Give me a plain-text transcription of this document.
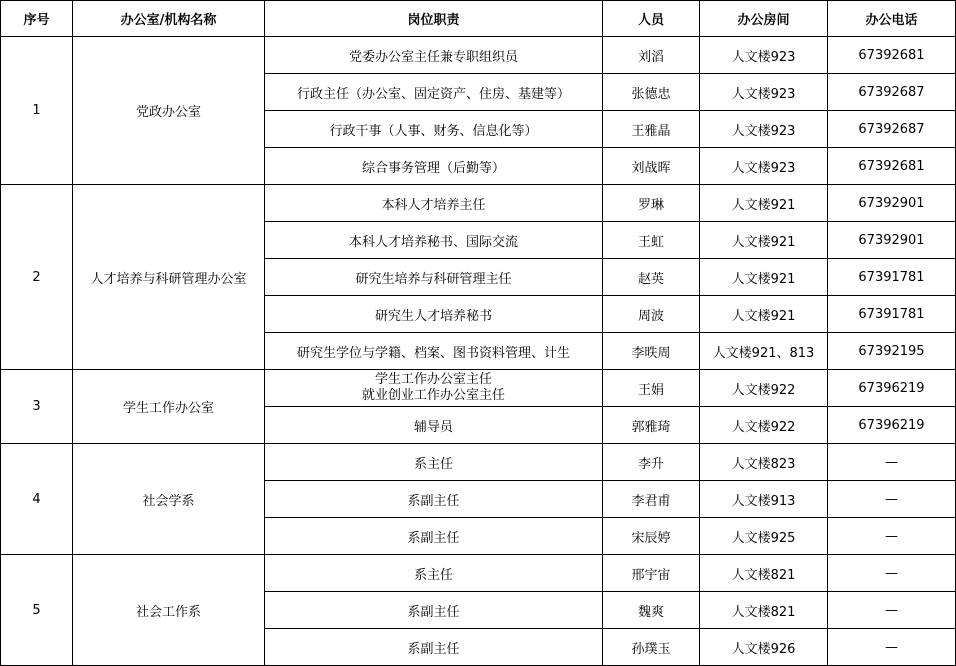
序号	办公室/机构名称	岗位职责	人员	办公房间	办公电话
1	党政办公室	党委办公室主任兼专职组织员	刘滔	人文楼923	67392681
		行政主任（办公室、固定资产、住房、基建等）	张德忠	人文楼923	67392687
		行政干事（人事、财务、信息化等）	王雅晶	人文楼923	67392687
		综合事务管理（后勤等）	刘战晖	人文楼923	67392681
2	人才培养与科研管理办公室	本科人才培养主任	罗琳	人文楼921	67392901
		本科人才培养秘书、国际交流	王虹	人文楼921	67392901
		研究生培养与科研管理主任	赵英	人文楼921	67391781
		研究生人才培养秘书	周波	人文楼921	67391781
		研究生学位与学籍、档案、图书资料管理、计生	李昳周	人文楼921、813	67392195
3	学生工作办公室	学生工作办公室主任
就业创业工作办公室主任	王娟	人文楼922	67396219
		辅导员	郭雅琦	人文楼922	67396219
4	社会学系	系主任	李升	人文楼823	—
		系副主任	李君甫	人文楼913	—
		系副主任	宋辰婷	人文楼925	—
5	社会工作系	系主任	邢宇宙	人文楼821	—
		系副主任	魏爽	人文楼821	—
		系副主任	孙璞玉	人文楼926	—
